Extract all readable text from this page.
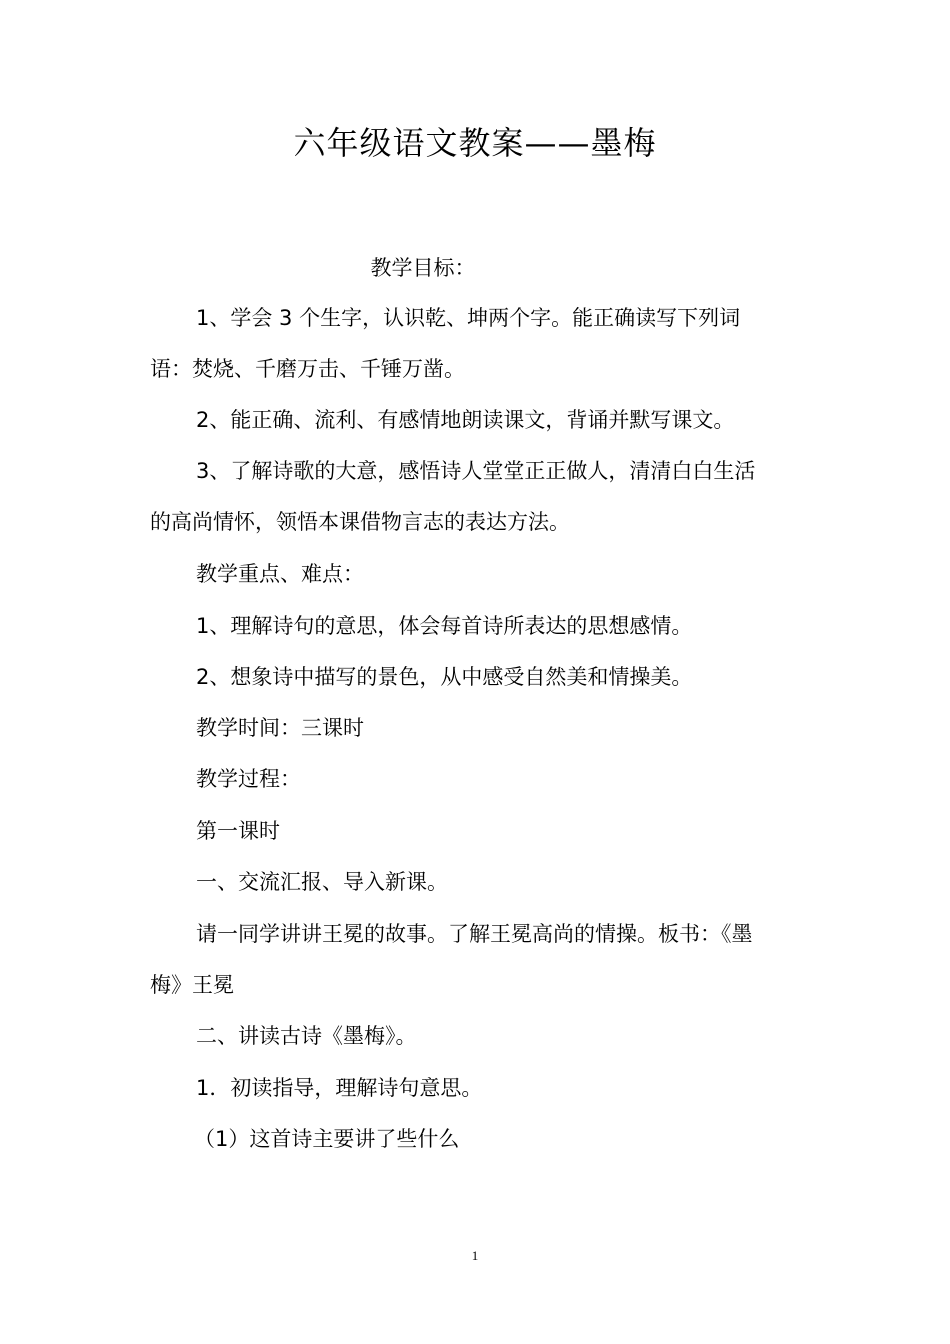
六年级语文教案——墨梅
教学目标：
1、学会 3 个生字，认识乾、坤两个字。能正确读写下列词
语：焚烧、千磨万击、千锤万凿。
2、能正确、流利、有感情地朗读课文，背诵并默写课文。
3、了解诗歌的大意，感悟诗人堂堂正正做人，清清白白生活
的高尚情怀，领悟本课借物言志的表达方法。
教学重点、难点：
1、理解诗句的意思，体会每首诗所表达的思想感情。
2、想象诗中描写的景色，从中感受自然美和情操美。
教学时间：三课时
教学过程：
第一课时
一、交流汇报、导入新课。
请一同学讲讲王冕的故事。了解王冕高尚的情操。板书：《墨
梅》王冕
二、讲读古诗《墨梅》。
1．初读指导，理解诗句意思。
（1）这首诗主要讲了些什么
1
